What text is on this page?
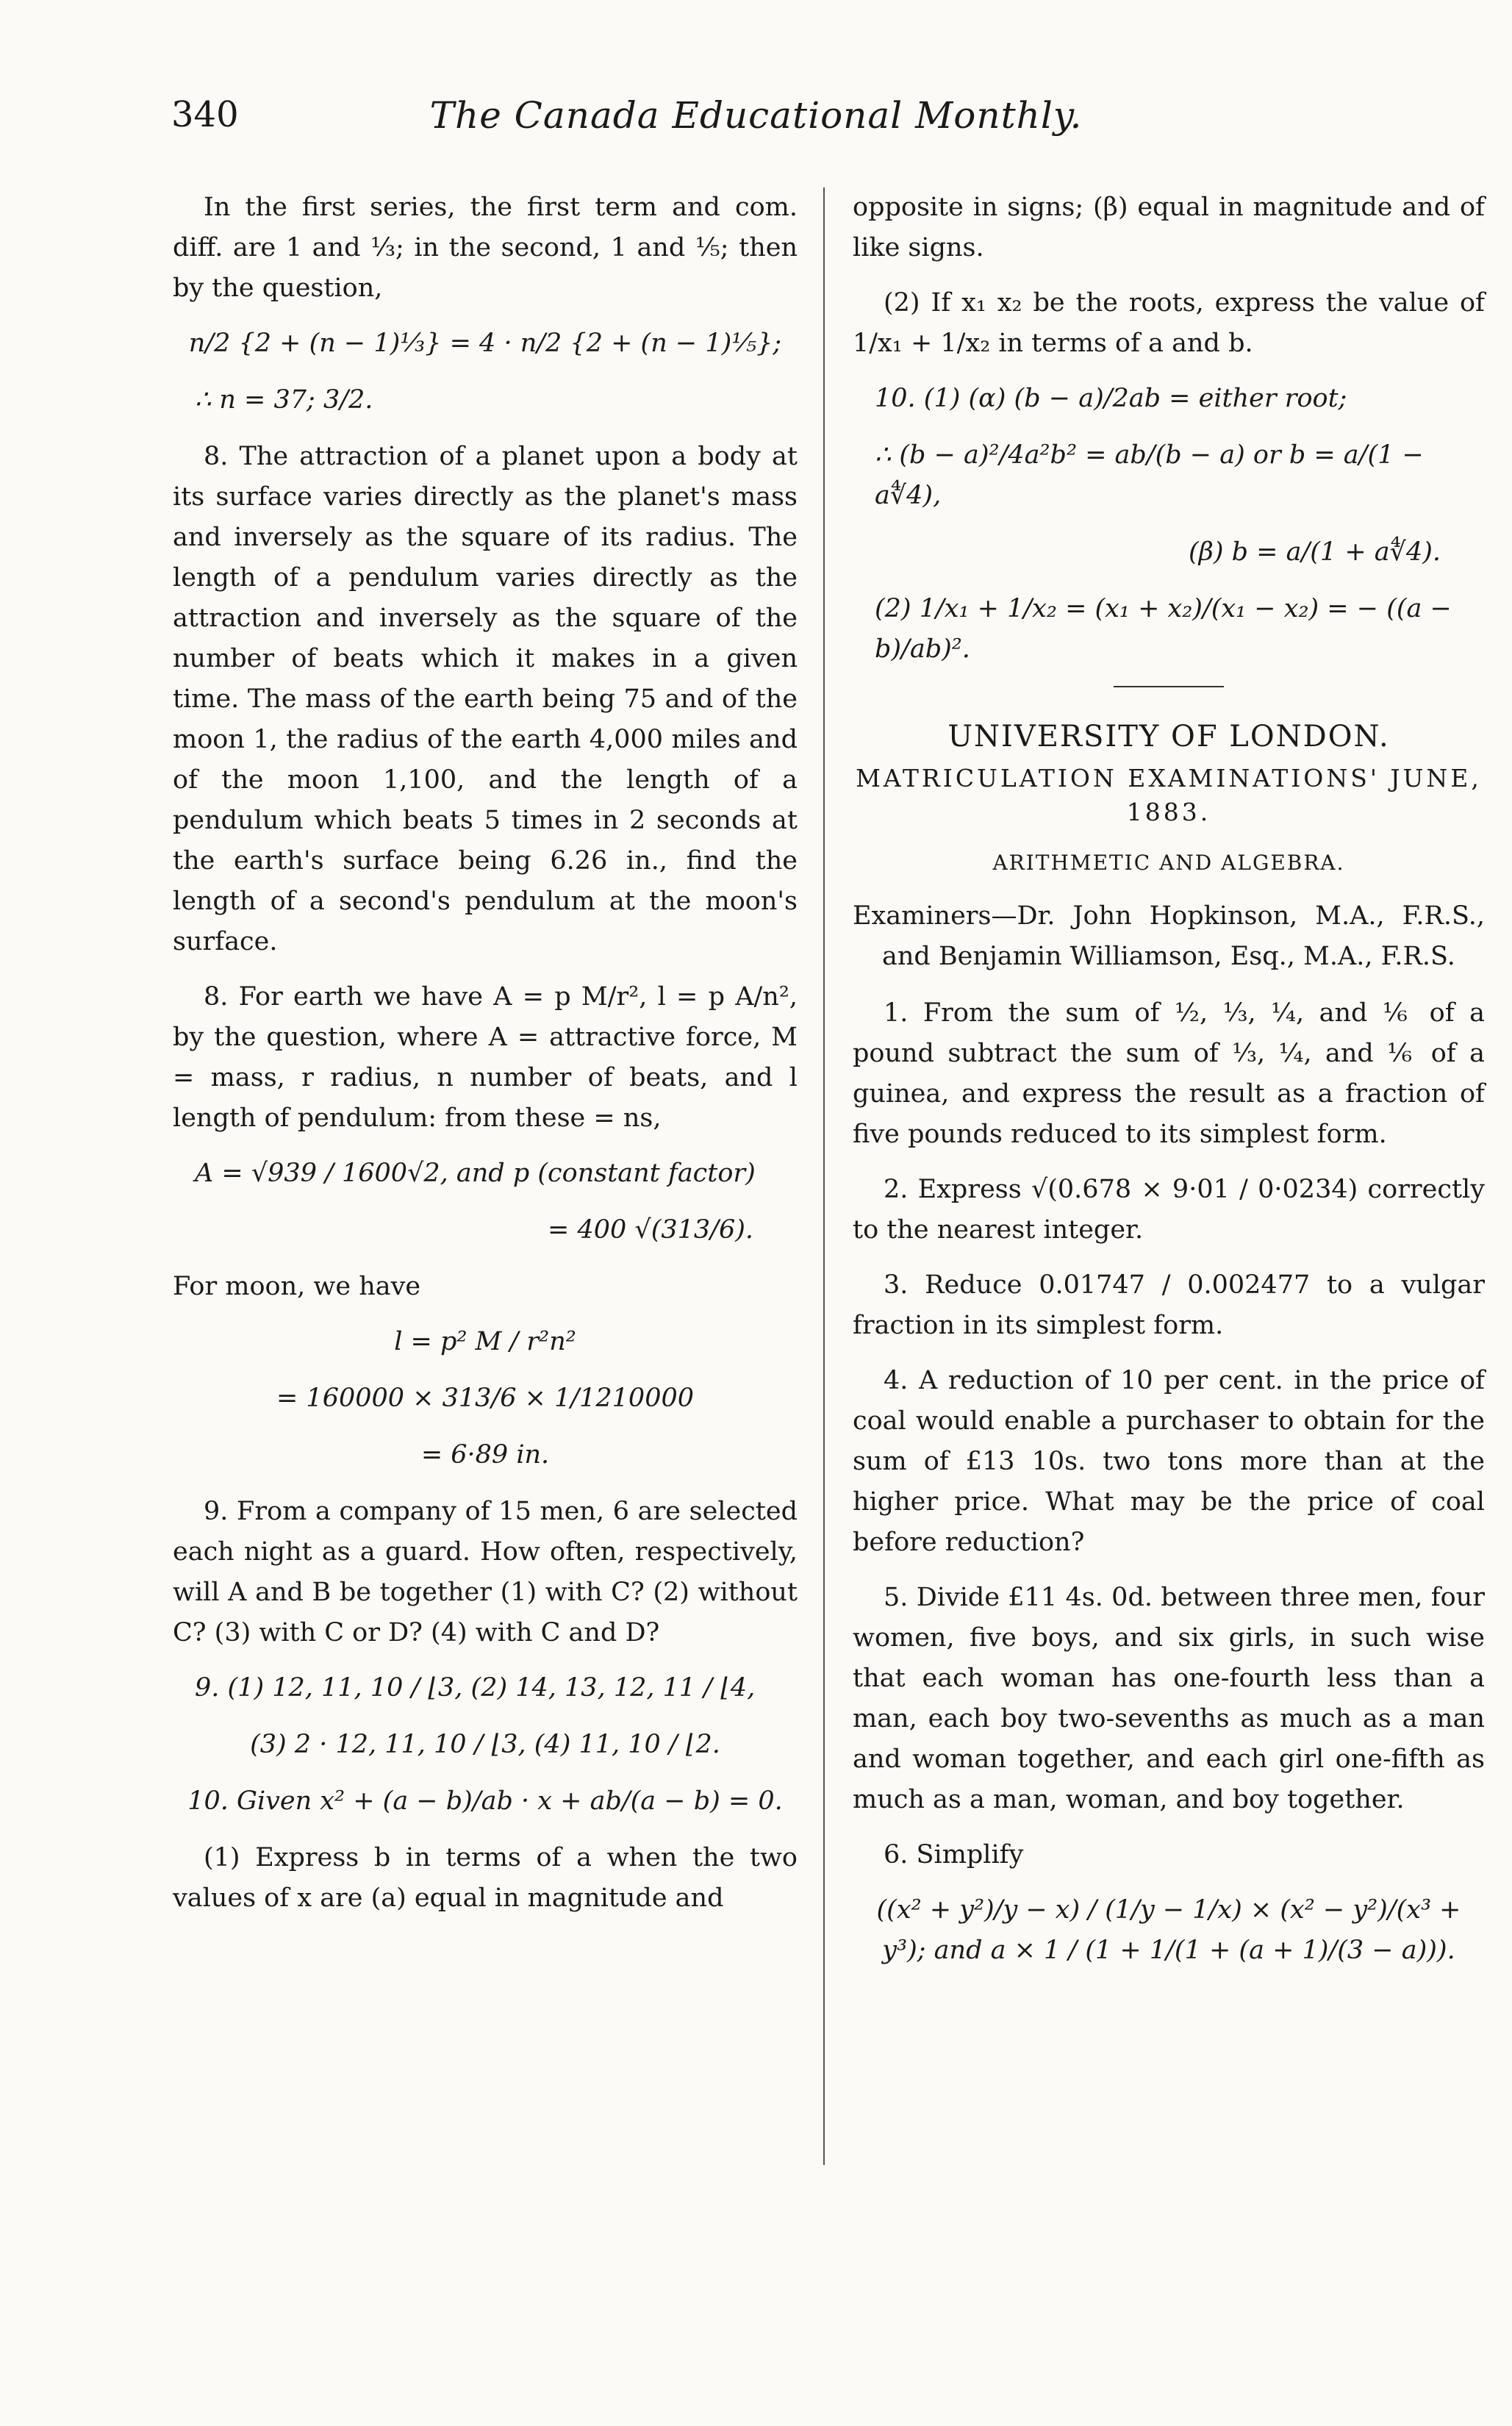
340	The Canada Educational Monthly.

In the first series, the first term and com. diff. are 1 and ⅓; in the second, 1 and ⅕; then by the question,

n/2 {2 + (n − 1)⅓} = 4 · n/2 {2 + (n − 1)⅕};
∴ n = 37; 3/2.

8. The attraction of a planet upon a body at its surface varies directly as the planet's mass and inversely as the square of its radius. The length of a pendulum varies directly as the attraction and inversely as the square of the number of beats which it makes in a given time. The mass of the earth being 75 and of the moon 1, the radius of the earth 4,000 miles and of the moon 1,100, and the length of a pendulum which beats 5 times in 2 seconds at the earth's surface being 6.26 in., find the length of a second's pendulum at the moon's surface.

8. For earth we have A = p M/r², l = p A/n², by the question, where A = attractive force, M = mass, r radius, n number of beats, and l length of pendulum: from these = ns,

A = √939 / 1600√2, and p (constant factor)
= 400 √(313/6).

For moon, we have

l = p² M / r²n²
= 160000 × 313/6 × 1/1210000
= 6·89 in.

9. From a company of 15 men, 6 are selected each night as a guard. How often, respectively, will A and B be together (1) with C? (2) without C? (3) with C or D? (4) with C and D?

9. (1) 12, 11, 10 / ⌊3, (2) 14, 13, 12, 11 / ⌊4,
(3) 2 · 12, 11, 10 / ⌊3, (4) 11, 10 / ⌊2.
10. Given x² + (a − b)/ab · x + ab/(a − b) = 0.

(1) Express b in terms of a when the two values of x are (a) equal in magnitude and

opposite in signs; (β) equal in magnitude and of like signs.

(2) If x₁ x₂ be the roots, express the value of 1/x₁ + 1/x₂ in terms of a and b.

10. (1) (α) (b − a)/2ab = either root;
∴ (b − a)²/4a²b² = ab/(b − a) or b = a/(1 − a∜4),
(β) b = a/(1 + a∜4).
(2) 1/x₁ + 1/x₂ = (x₁ + x₂)/(x₁ − x₂) = − ((a − b)/ab)².
UNIVERSITY OF LONDON.
MATRICULATION EXAMINATIONS' JUNE, 1883.
ARITHMETIC AND ALGEBRA.

Examiners—Dr. John Hopkinson, M.A., F.R.S., and Benjamin Williamson, Esq., M.A., F.R.S.

1. From the sum of ½, ⅓, ¼, and ⅙ of a pound subtract the sum of ⅓, ¼, and ⅙ of a guinea, and express the result as a fraction of five pounds reduced to its simplest form.

2. Express √(0.678 × 9·01 / 0·0234) correctly to the nearest integer.

3. Reduce 0.01747 / 0.002477 to a vulgar fraction in its simplest form.

4. A reduction of 10 per cent. in the price of coal would enable a purchaser to obtain for the sum of £13 10s. two tons more than at the higher price. What may be the price of coal before reduction?

5. Divide £11 4s. 0d. between three men, four women, five boys, and six girls, in such wise that each woman has one-fourth less than a man, each boy two-sevenths as much as a man and woman together, and each girl one-fifth as much as a man, woman, and boy together.

6. Simplify

((x² + y²)/y − x) / (1/y − 1/x) × (x² − y²)/(x³ + y³); and a × 1 / (1 + 1/(1 + (a + 1)/(3 − a))).
